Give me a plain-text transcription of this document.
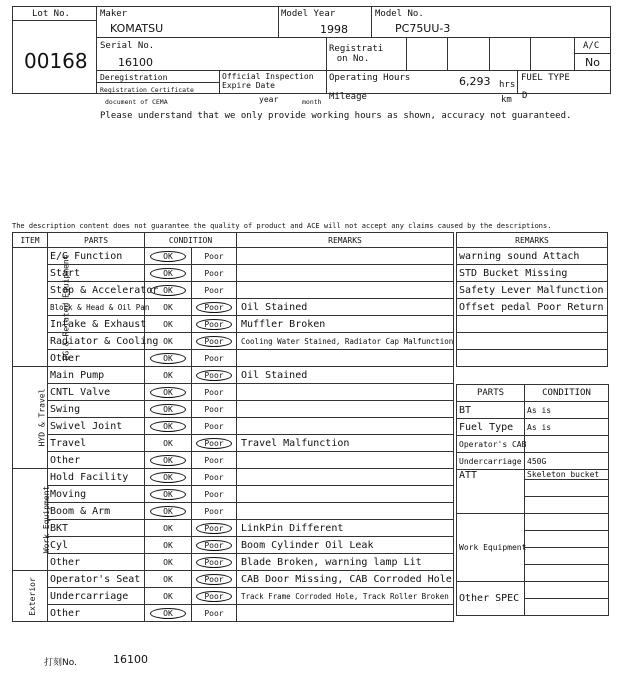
Lot No.
00168
Maker
KOMATSU
Model Year
1998
Model No.
PC75UU-3
Serial No.
16100
Registrati on No.
A/C
No
Deregistration
Registration Certificate
document of CEMA
Official Inspection Expire Date
year	month
Operating Hours	6,293 hrs
Mileage	km
FUEL TYPE
D
Please understand that we only provide working hours as shown, accuracy not guaranteed.
The description content does not guarantee the quality of product and ACE will not accept any claims caused by the descriptions.
ITEM	PARTS	CONDITION		REMARKS
EG & Related Equipment	E/G Function	OK	Poor	
	Start	OK	Poor	
	Stop & Accelerator	OK	Poor	
	Block & Head & Oil Pan	OK	Poor	Oil Stained
	Intake & Exhaust	OK	Poor	Muffler Broken
	Radiator & Cooling	OK	Poor	Cooling Water Stained, Radiator Cap Malfunction
	Other	OK	Poor	
HYD & Travel	Main Pump	OK	Poor	Oil Stained
	CNTL Valve	OK	Poor	
	Swing	OK	Poor	
	Swivel Joint	OK	Poor	
	Travel	OK	Poor	Travel Malfunction
	Other	OK	Poor	
Work Equipment	Hold Facility	OK	Poor	
	Moving	OK	Poor	
	Boom & Arm	OK	Poor	
	BKT	OK	Poor	LinkPin Different
	Cyl	OK	Poor	Boom Cylinder Oil Leak
	Other	OK	Poor	Blade Broken, warning lamp Lit
Exterior	Operator's Seat	OK	Poor	CAB Door Missing, CAB Corroded Hole
	Undercarriage	OK	Poor	Track Frame Corroded Hole, Track Roller Broken
	Other	OK	Poor	
REMARKS
warning sound Attach
STD Bucket Missing
Safety Lever Malfunction
Offset pedal Poor Return

PARTS	CONDITION
BT	As is
Fuel Type	As is
Operator's CAB	
Undercarriage	450G
ATT	Skeleton bucket

Work Equipment	

Other SPEC	

打刻No.	16100
